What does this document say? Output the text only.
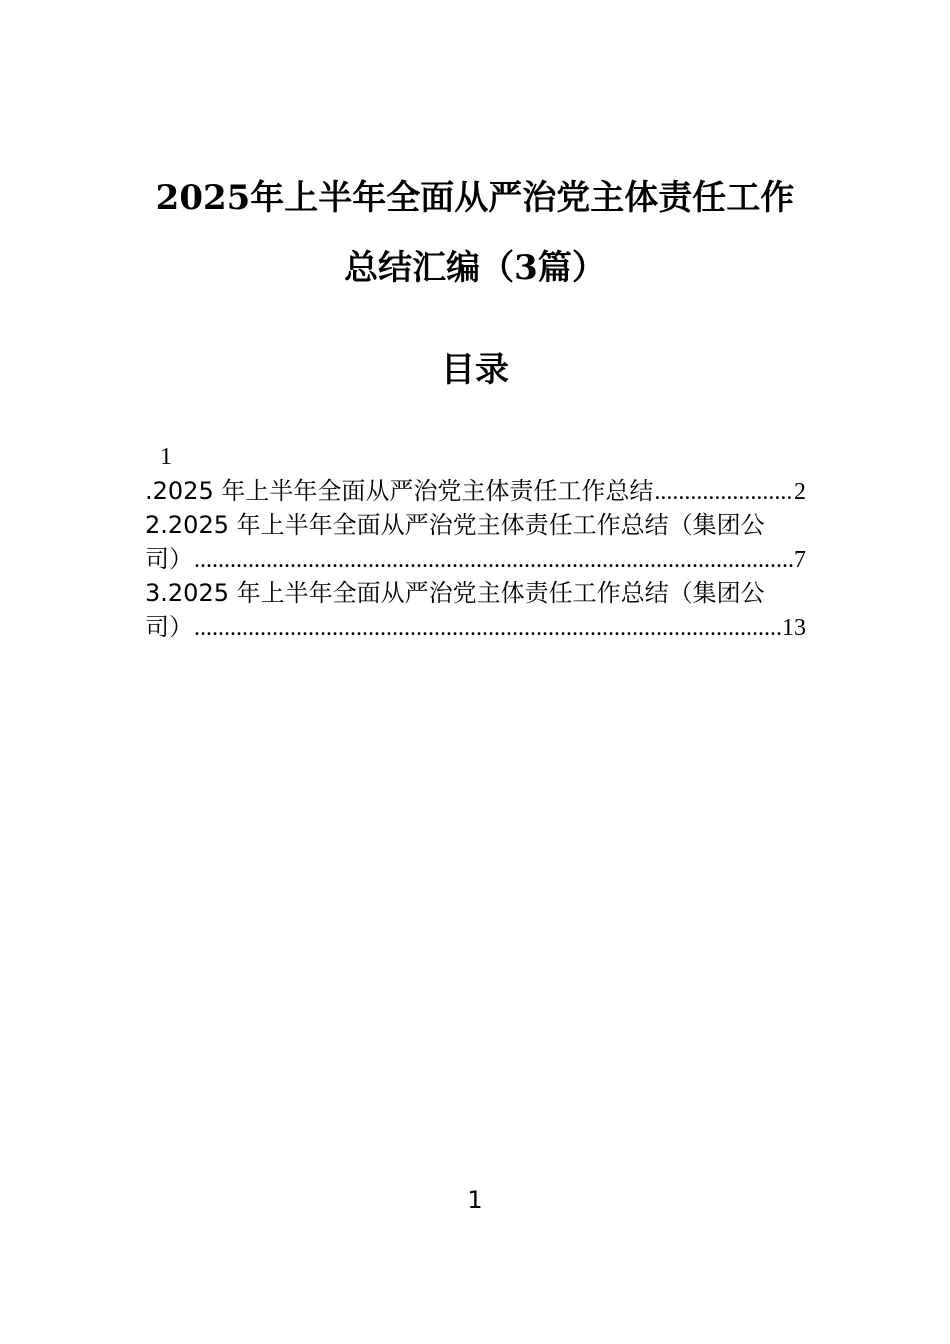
2025年上半年全面从严治党主体责任工作
总结汇编（3篇）
目录
1
.2025 年上半年全面从严治党主体责任工作总结 .....	2
2.2025 年上半年全面从严治党主体责任工作总结（集团公
司） .....	7
3.2025 年上半年全面从严治党主体责任工作总结（集团公
司） .....	13
1
